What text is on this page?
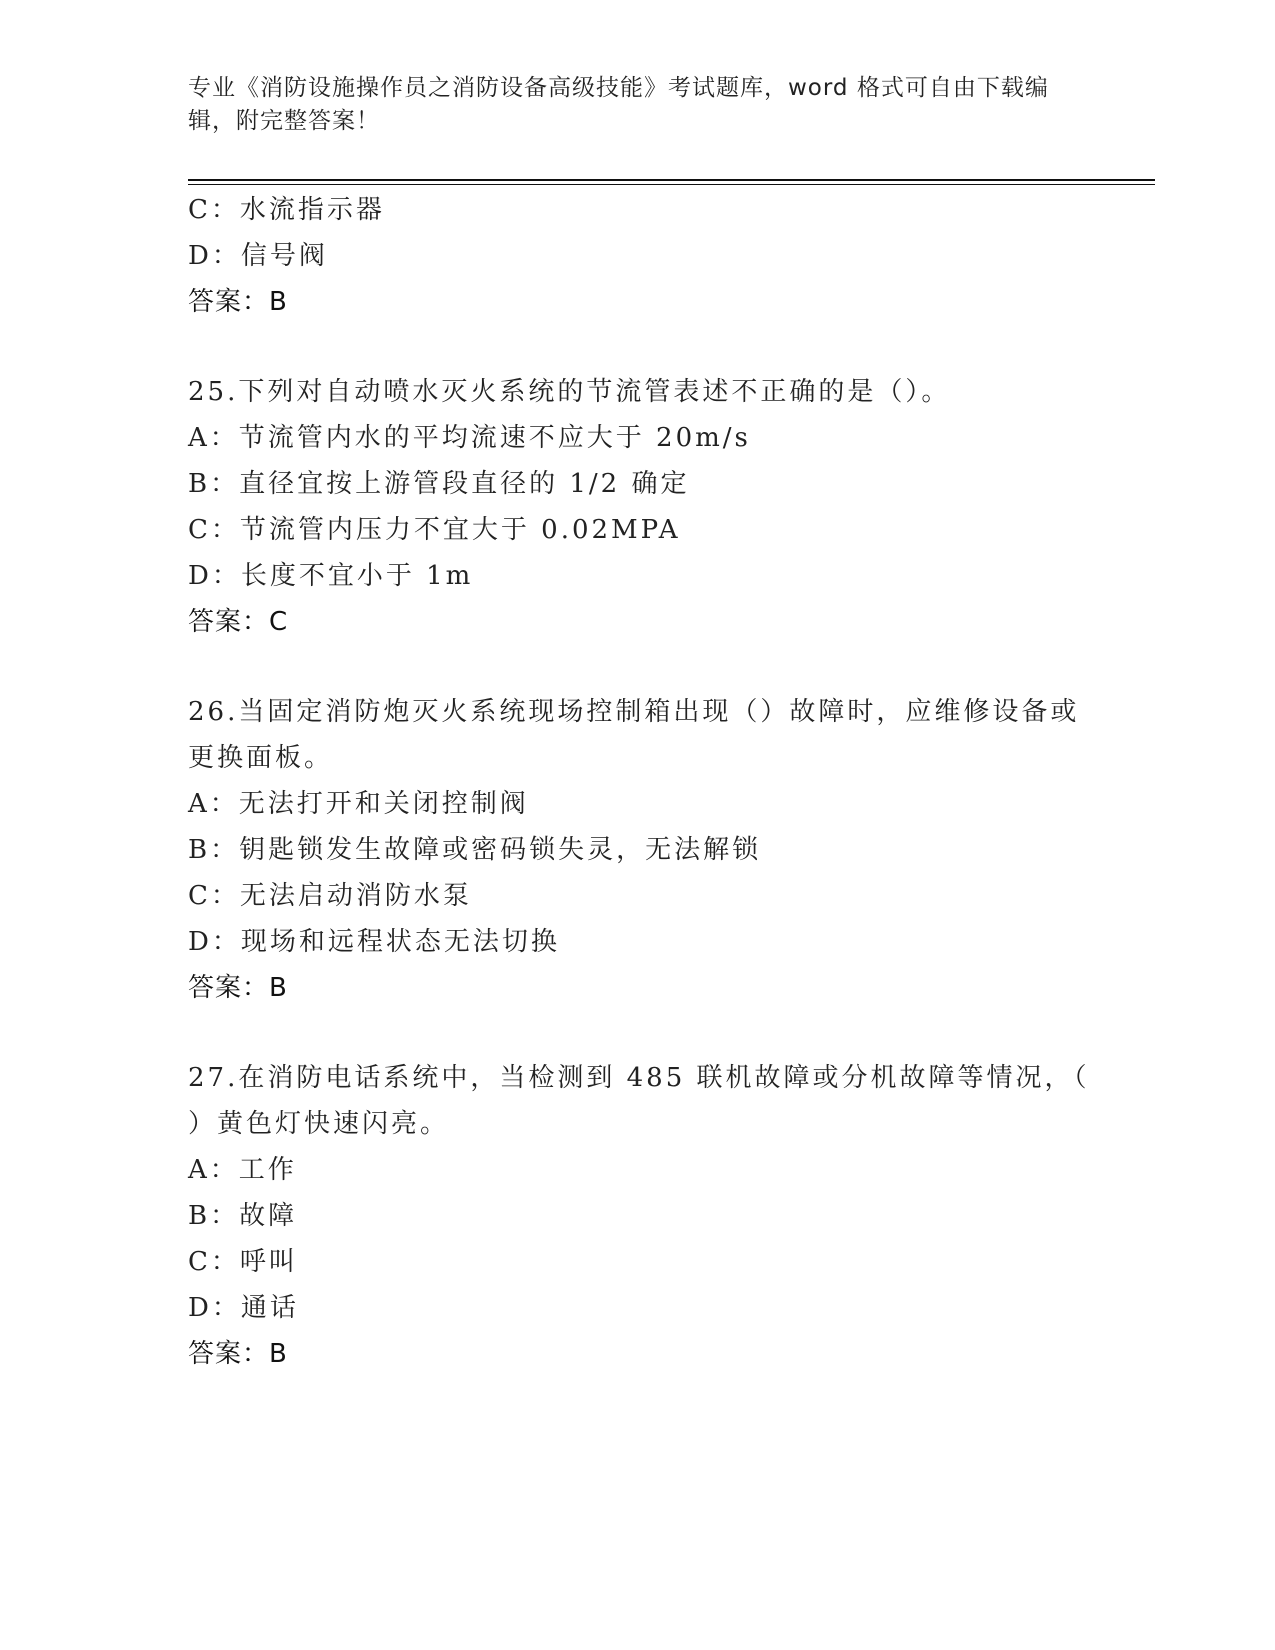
专业《消防设施操作员之消防设备高级技能》考试题库，word 格式可自由下载编
辑，附完整答案！
C：水流指示器
D：信号阀
答案：B
25.下列对自动喷水灭火系统的节流管表述不正确的是（）。
A：节流管内水的平均流速不应大于 20m/s
B：直径宜按上游管段直径的 1/2 确定
C：节流管内压力不宜大于 0.02MPA
D：长度不宜小于 1m
答案：C
26.当固定消防炮灭火系统现场控制箱出现（）故障时，应维修设备或
更换面板。
A：无法打开和关闭控制阀
B：钥匙锁发生故障或密码锁失灵，无法解锁
C：无法启动消防水泵
D：现场和远程状态无法切换
答案：B
27.在消防电话系统中，当检测到 485 联机故障或分机故障等情况，（
）黄色灯快速闪亮。
A：工作
B：故障
C：呼叫
D：通话
答案：B
